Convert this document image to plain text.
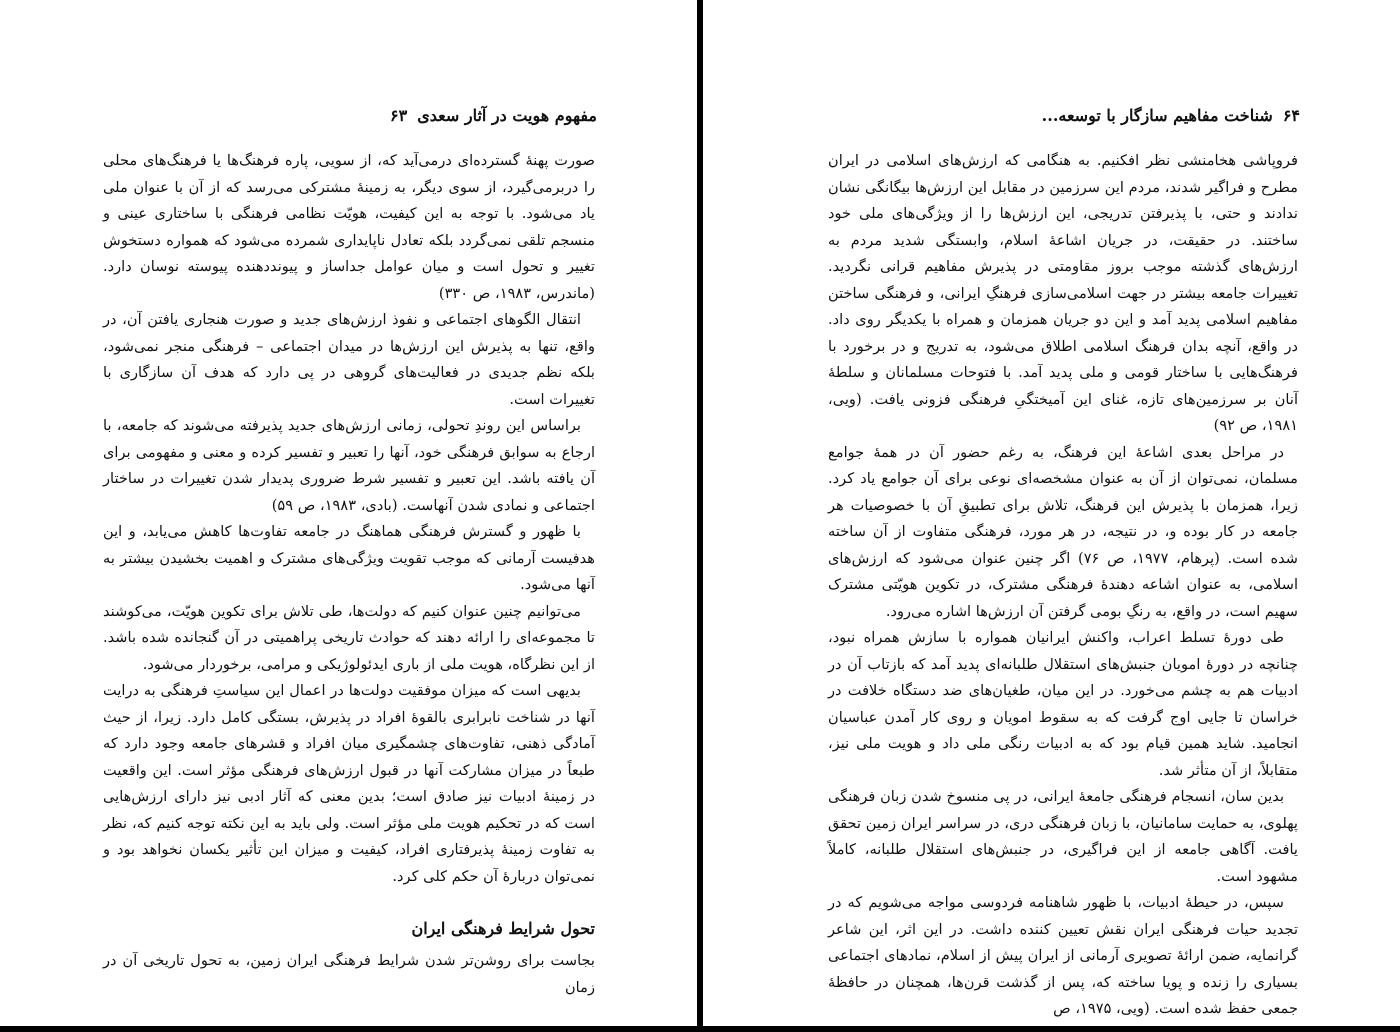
مفهوم هویت در آثار سعدی
۶۳

صورت پهنهٔ گسترده‌ای درمی‌آید که، از سویی، پاره فرهنگ‌ها یا فرهنگ‌های محلی را دربرمی‌گیرد، از سوی دیگر، به زمینهٔ مشترکی می‌رسد که از آن با عنوان ملی یاد می‌شود. با توجه به این کیفیت، هویّت نظامی فرهنگی با ساختاری عینی و منسجم تلقی نمی‌گردد بلکه تعادل ناپایداری شمرده می‌شود که همواره دستخوش تغییر و تحول است و میان عوامل جداساز و پیونددهنده پیوسته نوسان دارد. (ماندرس، ۱۹۸۳، ص ۳۳۰)

انتقال الگوهای اجتماعی و نفوذ ارزش‌های جدید و صورت هنجاری یافتن آن، در واقع، تنها به پذیرش این ارزش‌ها در میدان اجتماعی – فرهنگی منجر نمی‌شود، بلکه نظم جدیدی در فعالیت‌های گروهی در پی دارد که هدف آن سازگاری با تغییرات است.

براساس این روندِ تحولی، زمانی ارزش‌های جدید پذیرفته می‌شوند که جامعه، با ارجاع به سوابق فرهنگی خود، آنها را تعبیر و تفسیر کرده و معنی و مفهومی برای آن یافته باشد. این تعبیر و تفسیر شرط ضروری پدیدار شدن تغییرات در ساختار اجتماعی و نمادی شدن آنهاست. (بادی، ۱۹۸۳، ص ۵۹)

با ظهور و گسترش فرهنگی هماهنگ در جامعه تفاوت‌ها کاهش می‌یابد، و این هدفیست آرمانی که موجب تقویت ویژگی‌های مشترک و اهمیت بخشیدن بیشتر به آنها می‌شود.

می‌توانیم چنین عنوان کنیم که دولت‌ها، طی تلاش برای تکوین هویّت، می‌کوشند تا مجموعه‌ای را ارائه دهند که حوادث تاریخی پراهمیتی در آن گنجانده شده باشد. از این نظرگاه، هویت ملی از باری ایدئولوژیکی و مرامی، برخوردار می‌شود.

بدیهی است که میزان موفقیت دولت‌ها در اعمال این سیاستِ فرهنگی به درایت آنها در شناخت نابرابری بالقوهٔ افراد در پذیرش، بستگی کامل دارد. زیرا، از حیث آمادگی ذهنی، تفاوت‌های چشمگیری میان افراد و قشرهای جامعه وجود دارد که طبعاً در میزان مشارکت آنها در قبول ارزش‌های فرهنگی مؤثر است. این واقعیت در زمینهٔ ادبیات نیز صادق است؛ بدین معنی که آثار ادبی نیز دارای ارزش‌هایی است که در تحکیم هویت ملی مؤثر است. ولی باید به این نکته توجه کنیم که، نظر به تفاوت زمینهٔ پذیرفتاری افراد، کیفیت و میزان این تأثیر یکسان نخواهد بود و نمی‌توان دربارهٔ آن حکم کلی کرد.

تحول شرایط فرهنگی ایران

بجاست برای روشن‌تر شدن شرایط فرهنگی ایران زمین، به تحول تاریخی آن در زمان

۶۴
شناخت مفاهیم سازگار با توسعه...

فروپاشی هخامنشی نظر افکنیم. به هنگامی که ارزش‌های اسلامی در ایران مطرح و فراگیر شدند، مردم این سرزمین در مقابل این ارزش‌ها بیگانگی نشان ندادند و حتی، با پذیرفتن تدریجی، این ارزش‌ها را از ویژگی‌های ملی خود ساختند. در حقیقت، در جریان اشاعهٔ اسلام، وابستگی شدید مردم به ارزش‌های گذشته موجب بروز مقاومتی در پذیرش مفاهیم قرانی نگردید. تغییرات جامعه بیشتر در جهت اسلامی‌سازی فرهنگِ ایرانی، و فرهنگی ساختن مفاهیم اسلامی پدید آمد و این دو جریان همزمان و همراه با یکدیگر روی داد. در واقع، آنچه بدان فرهنگ اسلامی اطلاق می‌شود، به تدریج و در برخورد با فرهنگ‌هایی با ساختار قومی و ملی پدید آمد. با فتوحات مسلمانان و سلطهٔ آنان بر سرزمین‌های تازه، غنای این آمیختگیِ فرهنگی فزونی یافت. (ویی، ۱۹۸۱، ص ۹۲)

در مراحل بعدی اشاعهٔ این فرهنگ، به رغم حضور آن در همهٔ جوامع مسلمان، نمی‌توان از آن به عنوان مشخصه‌ای نوعی برای آن جوامع یاد کرد. زیرا، همزمان با پذیرش این فرهنگ، تلاش برای تطبیقِ آن با خصوصیات هر جامعه در کار بوده و، در نتیجه، در هر مورد، فرهنگی متفاوت از آن ساخته شده است. (پرهام، ۱۹۷۷، ص ۷۶) اگر چنین عنوان می‌شود که ارزش‌های اسلامی، به عنوان اشاعه دهندهٔ فرهنگی مشترک، در تکوین هویّتی مشترک سهیم است، در واقع، به رنگِ بومی گرفتن آن ارزش‌ها اشاره می‌رود.

طی دورهٔ تسلط اعراب، واکنش ایرانیان همواره با سازش همراه نبود، چنانچه در دورهٔ امویان جنبش‌های استقلال طلبانه‌ای پدید آمد که بازتاب آن در ادبیات هم به چشم می‌خورد. در این میان، طغیان‌های ضد دستگاه خلافت در خراسان تا جایی اوج گرفت که به سقوط امویان و روی کار آمدن عباسیان انجامید. شاید همین قیام بود که به ادبیات رنگی ملی داد و هویت ملی نیز، متقابلاً، از آن متأثر شد.

بدین سان، انسجام فرهنگی جامعهٔ ایرانی، در پی منسوخ شدن زبان فرهنگی پهلوی، به حمایت سامانیان، با زبان فرهنگی دری، در سراسر ایران زمین تحقق یافت. آگاهی جامعه از این فراگیری، در جنبش‌های استقلال طلبانه، کاملاً مشهود است.

سپس، در حیطهٔ ادبیات، با ظهور شاهنامه فردوسی مواجه می‌شویم که در تجدید حیات فرهنگی ایران نقش تعیین کننده داشت. در این اثر، این شاعر گرانمایه، ضمن ارائهٔ تصویری آرمانی از ایران پیش از اسلام، نمادهای اجتماعی بسیاری را زنده و پویا ساخته که، پس از گذشت قرن‌ها، همچنان در حافظهٔ جمعی حفظ شده است. (ویی، ۱۹۷۵، ص
